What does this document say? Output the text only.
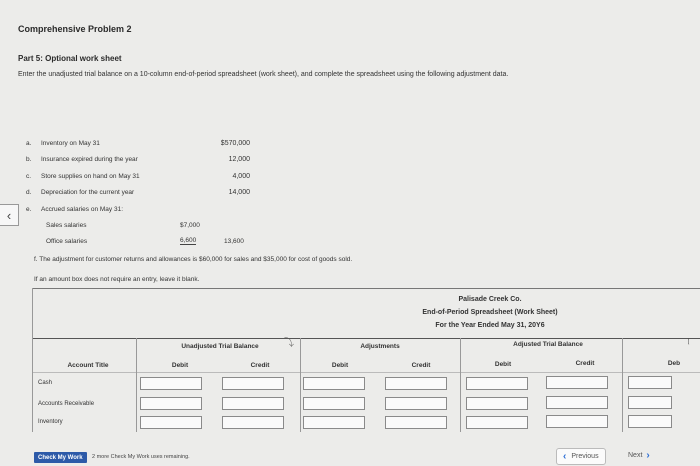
Comprehensive Problem 2
Part 5: Optional work sheet
Enter the unadjusted trial balance on a 10-column end-of-period spreadsheet (work sheet), and complete the spreadsheet using the following adjustment data.
a. Inventory on May 31	$570,000
b. Insurance expired during the year	12,000
c. Store supplies on hand on May 31	4,000
d. Depreciation for the current year	14,000
e. Accrued salaries on May 31:
Sales salaries	$7,000
Office salaries	6,600	13,600
f. The adjustment for customer returns and allowances is $60,000 for sales and $35,000 for cost of goods sold.
If an amount box does not require an entry, leave it blank.
‹
Palisade Creek Co.
End-of-Period Spreadsheet (Work Sheet)
For the Year Ended May 31, 20Y6
Unadjusted Trial Balance	Adjustments	Adjusted Trial Balance
⤵	❲
Account Title	Debit	Credit	Debit	Credit	Debit	Credit	Deb
Cash
Accounts Receivable
Inventory
Check My Work	2 more Check My Work uses remaining.	‹ Previous	Next ›
